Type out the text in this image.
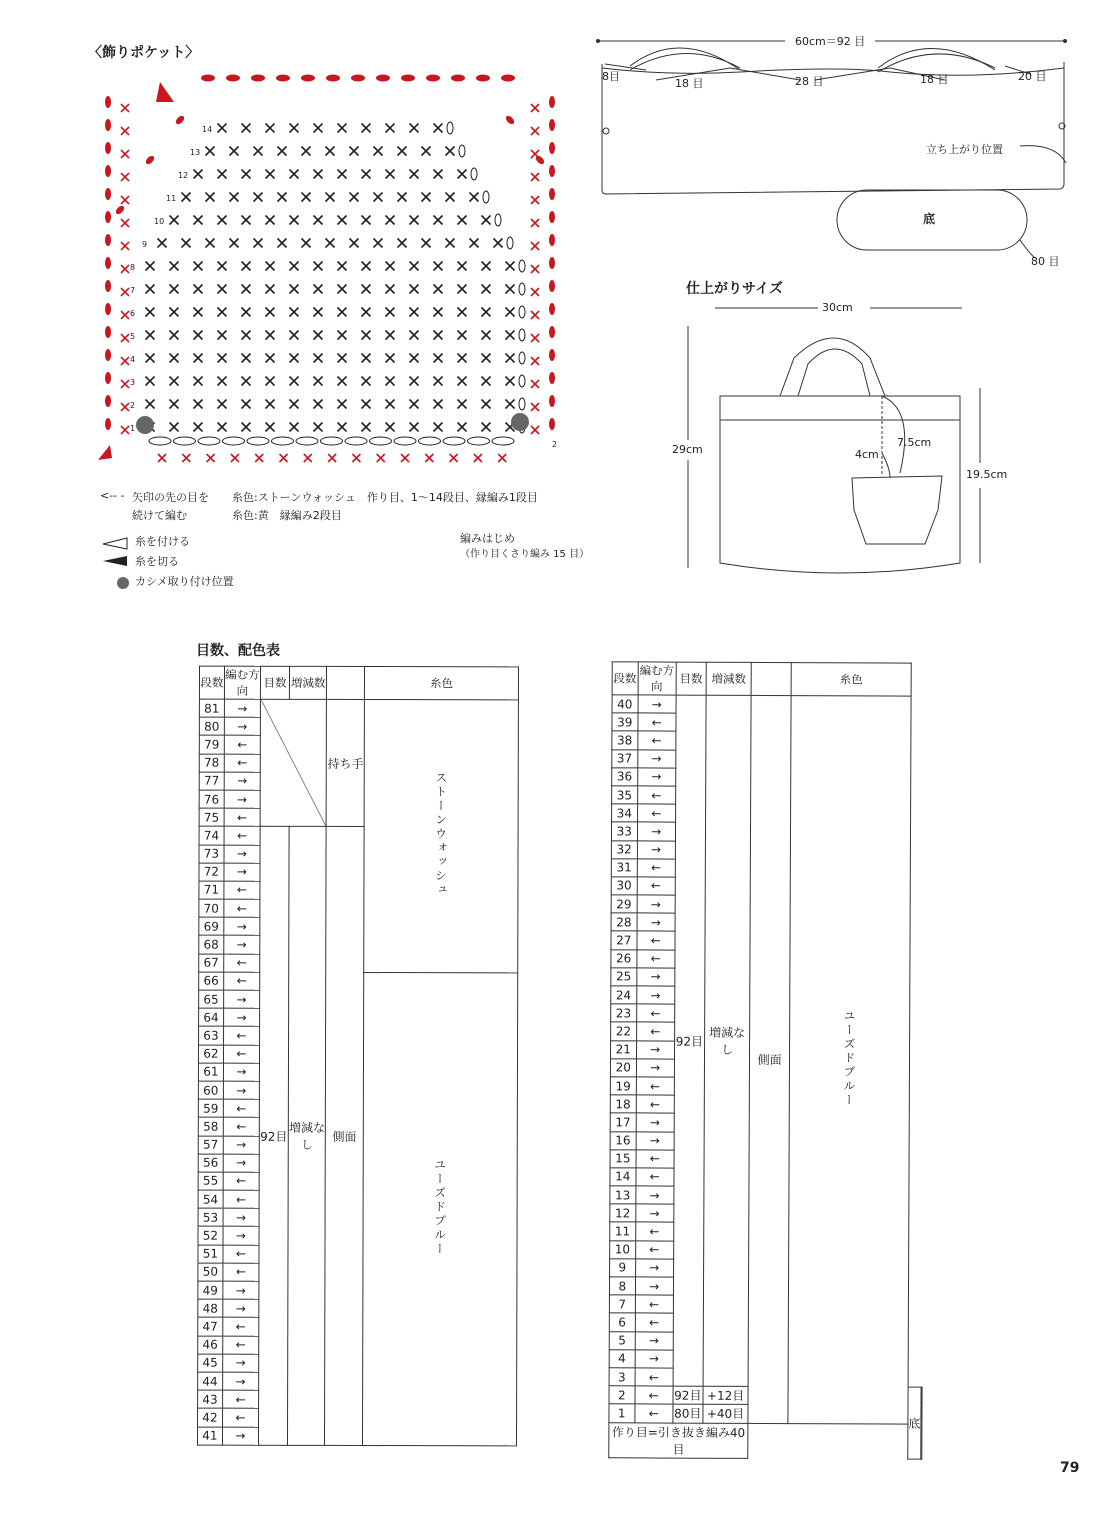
〈飾りポケット〉
1
2
3
4
5
6
7
8
9
10
11
12
13
14
2
<-- - 矢印の先の目を
続けて編む
糸色:ストーンウォッシュ　作り目、1〜14段目、縁編み1段目
糸色:黄　縁編み2段目
糸を付ける
糸を切る
カシメ取り付け位置
編みはじめ
（作り目くさり編み 15 目）
60cm＝92 目
8目
18 目	28 目	18 目	20 目
立ち上がり位置
底
80 目
仕上がりサイズ
30cm
29cm
19.5cm
7.5cm
4cm
目数、配色表
段数	編む方向	目数	増減数		糸色
81	→			持ち手	ストーンウォッシュ
80	→				
79	←				
78	←				
77	→				
76	→				
75	←				
74	←	92目	増減なし	側面	
73	→				
72	→				
71	←				
70	←				
69	→				
68	→				
67	←				
66	←				ユーズドブルー
65	→				
64	→				
63	←				
62	←				
61	→				
60	→				
59	←				
58	←				
57	→				
56	→				
55	←				
54	←				
53	→				
52	→				
51	←				
50	←				
49	→				
48	→				
47	←				
46	←				
45	→				
44	→				
43	←				
42	←				
41	→				
段数	編む方向	目数	増減数		糸色		
40	→	92目	増減なし	側面	ユーズドブルー		
39	←						
38	←						
37	→						
36	→						
35	←						
34	←						
33	→						
32	→						
31	←						
30	←						
29	→						
28	→						
27	←						
26	←						
25	→						
24	→						
23	←						
22	←						
21	→						
20	→						
19	←						
18	←						
17	→						
16	→						
15	←						
14	←						
13	→						
12	→						
11	←						
10	←						
9	→						
8	→						
7	←						
6	←						
5	→						
4	→						
3	←						
2	←	92目	+12目			底	
1	←	80目	+40目				
作り目=引き抜き編み40目							
79
